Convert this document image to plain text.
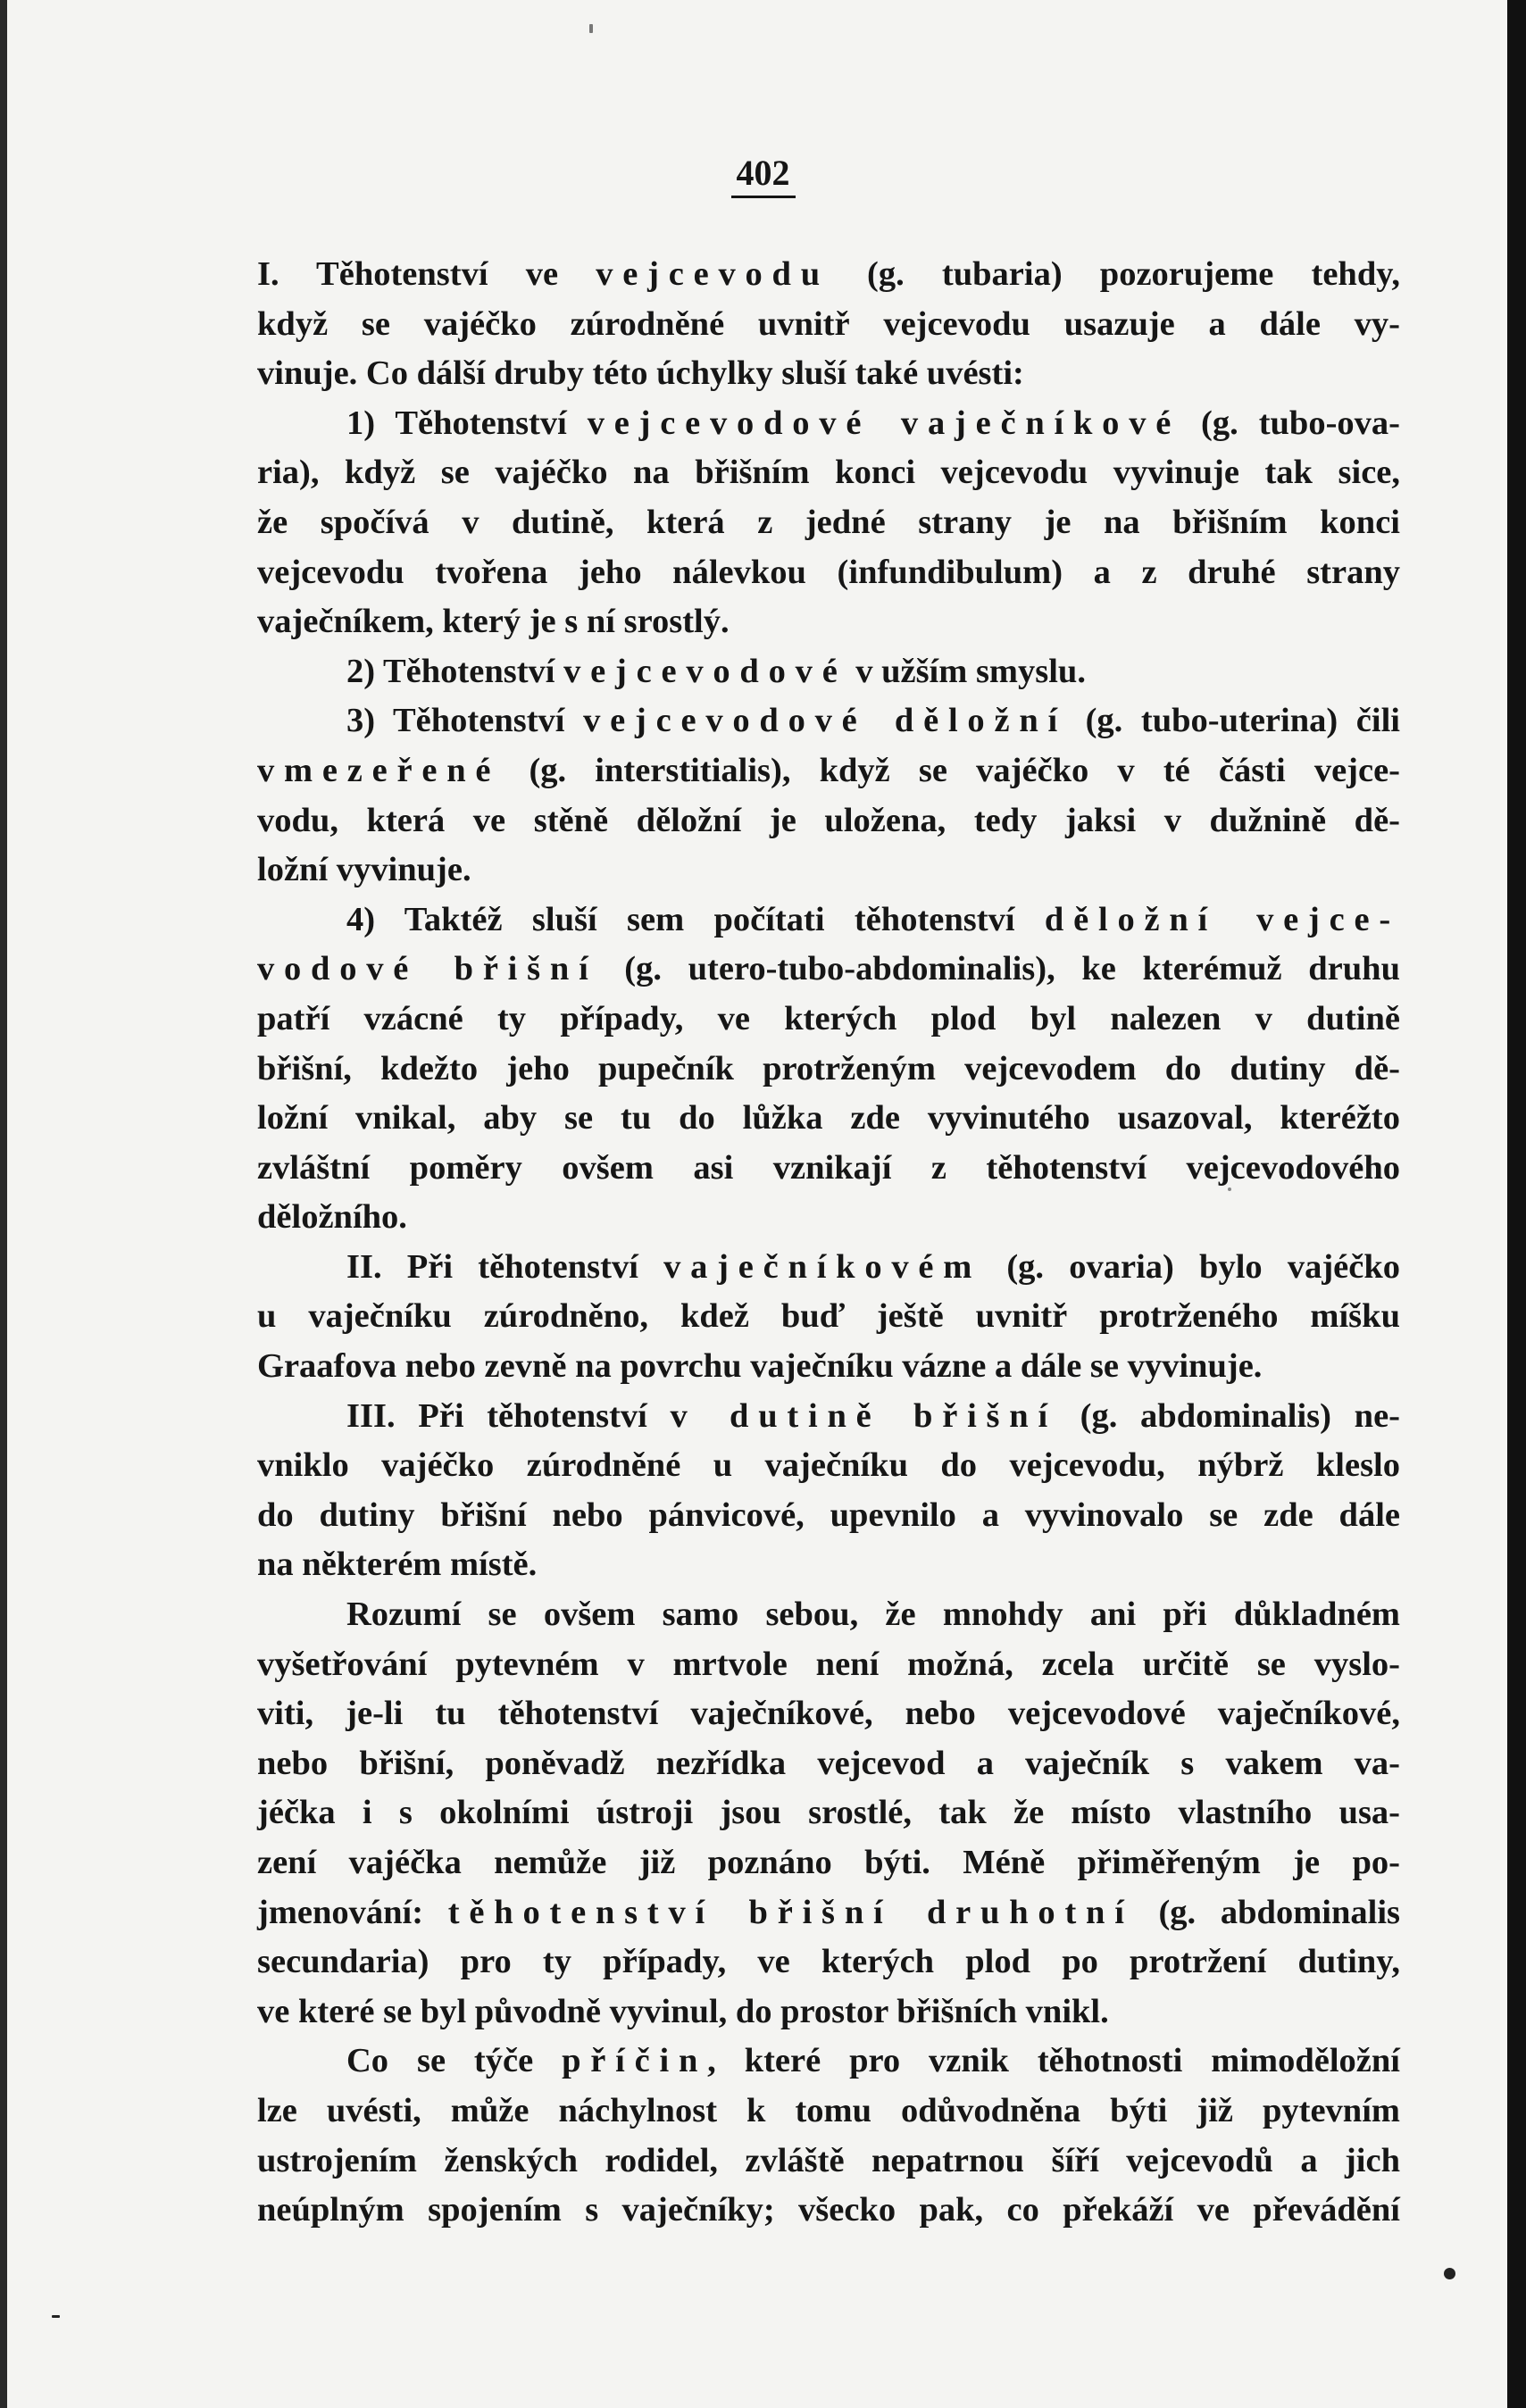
402
I. Těhotenství ve vejcevodu (g. tubaria) pozorujeme tehdy,
když se vajéčko zúrodněné uvnitř vejcevodu usazuje a dále vy-
vinuje. Co dálší druby této úchylky sluší také uvésti:
1) Těhotenství vejcevodové vaječníkové (g. tubo-ova-
ria), když se vajéčko na břišním konci vejcevodu vyvinuje tak sice,
že spočívá v dutině, která z jedné strany je na břišním konci
vejcevodu tvořena jeho nálevkou (infundibulum) a z druhé strany
vaječníkem, který je s ní srostlý.
2) Těhotenství vejcevodové v užším smyslu.
3) Těhotenství vejcevodové děložní (g. tubo-uterina) čili
vmezeřené (g. interstitialis), když se vajéčko v té části vejce-
vodu, která ve stěně děložní je uložena, tedy jaksi v dužnině dě-
ložní vyvinuje.
4) Taktéž sluší sem počítati těhotenství děložní vejce-
vodové břišní (g. utero-tubo-abdominalis), ke kterémuž druhu
patří vzácné ty případy, ve kterých plod byl nalezen v dutině
břišní, kdežto jeho pupečník protrženým vejcevodem do dutiny dě-
ložní vnikal, aby se tu do lůžka zde vyvinutého usazoval, kteréžto
zvláštní poměry ovšem asi vznikají z těhotenství vejcevodového
děložního.
II. Při těhotenství vaječníkovém (g. ovaria) bylo vajéčko
u vaječníku zúrodněno, kdež buď ještě uvnitř protrženého míšku
Graafova nebo zevně na povrchu vaječníku vázne a dále se vyvinuje.
III. Při těhotenství v dutině břišní (g. abdominalis) ne-
vniklo vajéčko zúrodněné u vaječníku do vejcevodu, nýbrž kleslo
do dutiny břišní nebo pánvicové, upevnilo a vyvinovalo se zde dále
na některém místě.
Rozumí se ovšem samo sebou, že mnohdy ani při důkladném
vyšetřování pytevném v mrtvole není možná, zcela určitě se vyslo-
viti, je-li tu těhotenství vaječníkové, nebo vejcevodové vaječníkové,
nebo břišní, poněvadž nezřídka vejcevod a vaječník s vakem va-
jéčka i s okolními ústroji jsou srostlé, tak že místo vlastního usa-
zení vajéčka nemůže již poznáno býti. Méně přiměřeným je po-
jmenování: těhotenství břišní druhotní (g. abdominalis
secundaria) pro ty případy, ve kterých plod po protržení dutiny,
ve které se byl původně vyvinul, do prostor břišních vnikl.
Co se týče příčin, které pro vznik těhotnosti mimoděložní
lze uvésti, může náchylnost k tomu odůvodněna býti již pytevním
ustrojením ženských rodidel, zvláště nepatrnou šíří vejcevodů a jich
neúplným spojením s vaječníky; všecko pak, co překáží ve převádění
